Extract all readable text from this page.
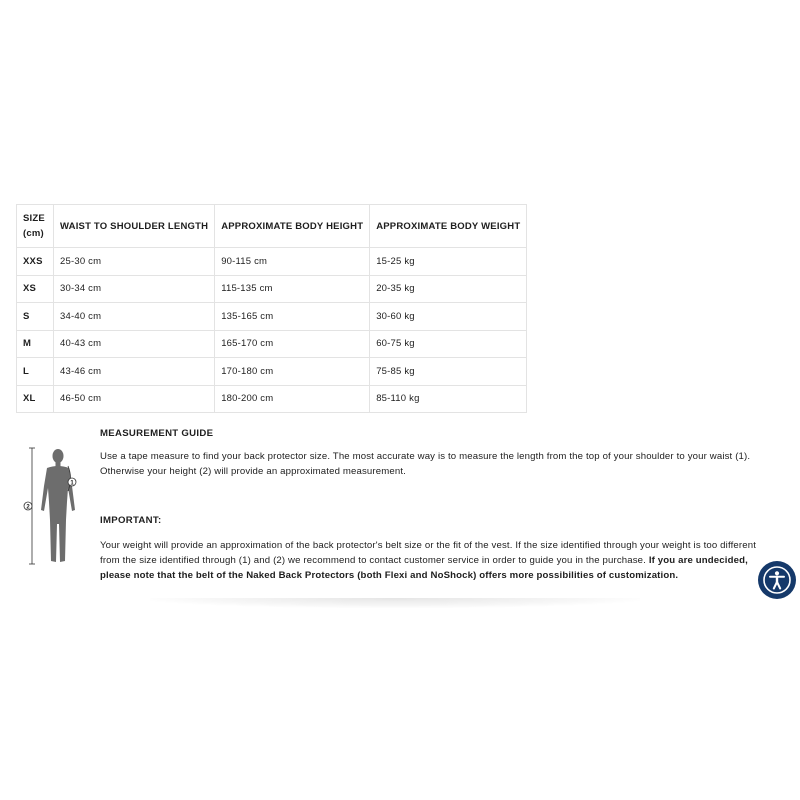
SIZE
(cm)	WAIST TO SHOULDER LENGTH	APPROXIMATE BODY HEIGHT	APPROXIMATE BODY WEIGHT
XXS	25-30 cm	90-115 cm	15-25 kg
XS	30-34 cm	115-135 cm	20-35 kg
S	34-40 cm	135-165 cm	30-60 kg
M	40-43 cm	165-170 cm	60-75 kg
L	43-46 cm	170-180 cm	75-85 kg
XL	46-50 cm	180-200 cm	85-110 kg
1
2
MEASUREMENT GUIDE
Use a tape measure to find your back protector size. The most accurate way is to measure the length from the top of your shoulder to your waist (1). Otherwise your height (2) will provide an approximated measurement.
IMPORTANT:
Your weight will provide an approximation of the back protector's belt size or the fit of the vest. If the size identified through your weight is too different from the size identified through (1) and (2) we recommend to contact customer service in order to guide you in the purchase. If you are undecided, please note that the belt of the Naked Back Protectors (both Flexi and NoShock) offers more possibilities of customization.
